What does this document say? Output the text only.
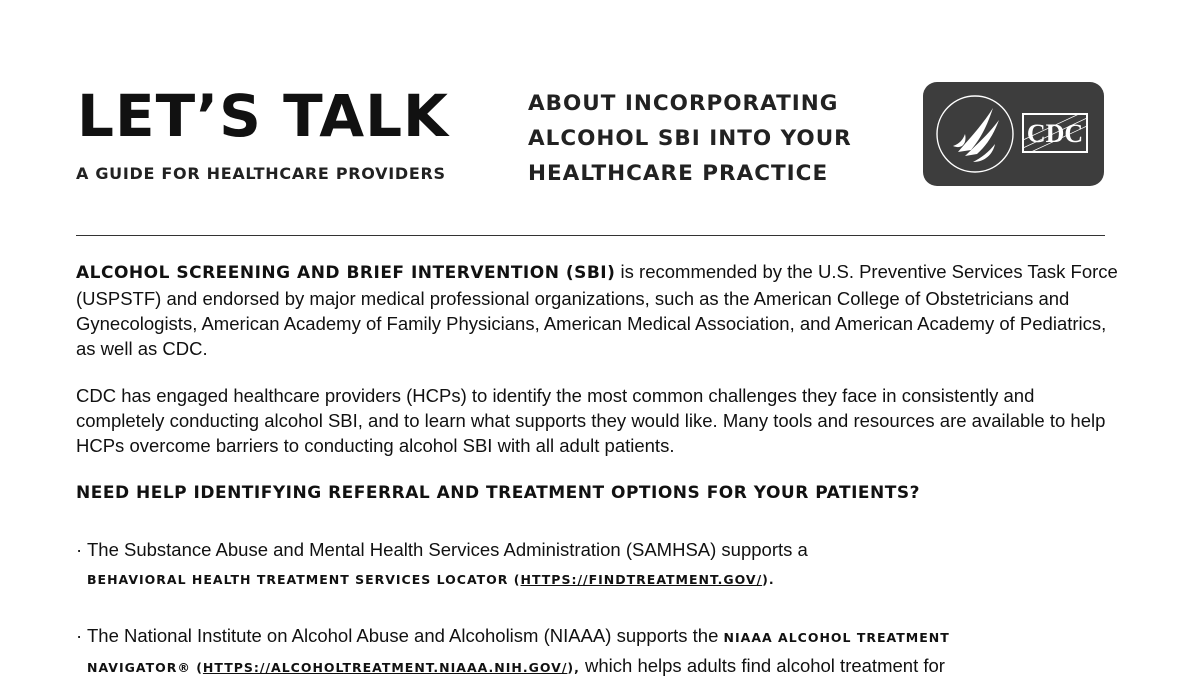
LET’S TALK
A GUIDE FOR HEALTHCARE PROVIDERS
ABOUT INCORPORATING
ALCOHOL SBI INTO YOUR
HEALTHCARE PRACTICE
CDC
ALCOHOL SCREENING AND BRIEF INTERVENTION (SBI) is recommended by the U.S. Preventive Services Task Force (USPSTF) and endorsed by major medical professional organizations, such as the American College of Obstetricians and Gynecologists, American Academy of Family Physicians, American Medical Association, and American Academy of Pediatrics, as well as CDC.
CDC has engaged healthcare providers (HCPs) to identify the most common challenges they face in consistently and completely conducting alcohol SBI, and to learn what supports they would like. Many tools and resources are available to help HCPs overcome barriers to conducting alcohol SBI with all adult patients.
NEED HELP IDENTIFYING REFERRAL AND TREATMENT OPTIONS FOR YOUR PATIENTS?
· The Substance Abuse and Mental Health Services Administration (SAMHSA) supports a
BEHAVIORAL HEALTH TREATMENT SERVICES LOCATOR (HTTPS://FINDTREATMENT.GOV/).
· The National Institute on Alcohol Abuse and Alcoholism (NIAAA) supports the NIAAA ALCOHOL TREATMENT
NAVIGATOR® (HTTPS://ALCOHOLTREATMENT.NIAAA.NIH.GOV/), which helps adults find alcohol treatment for
